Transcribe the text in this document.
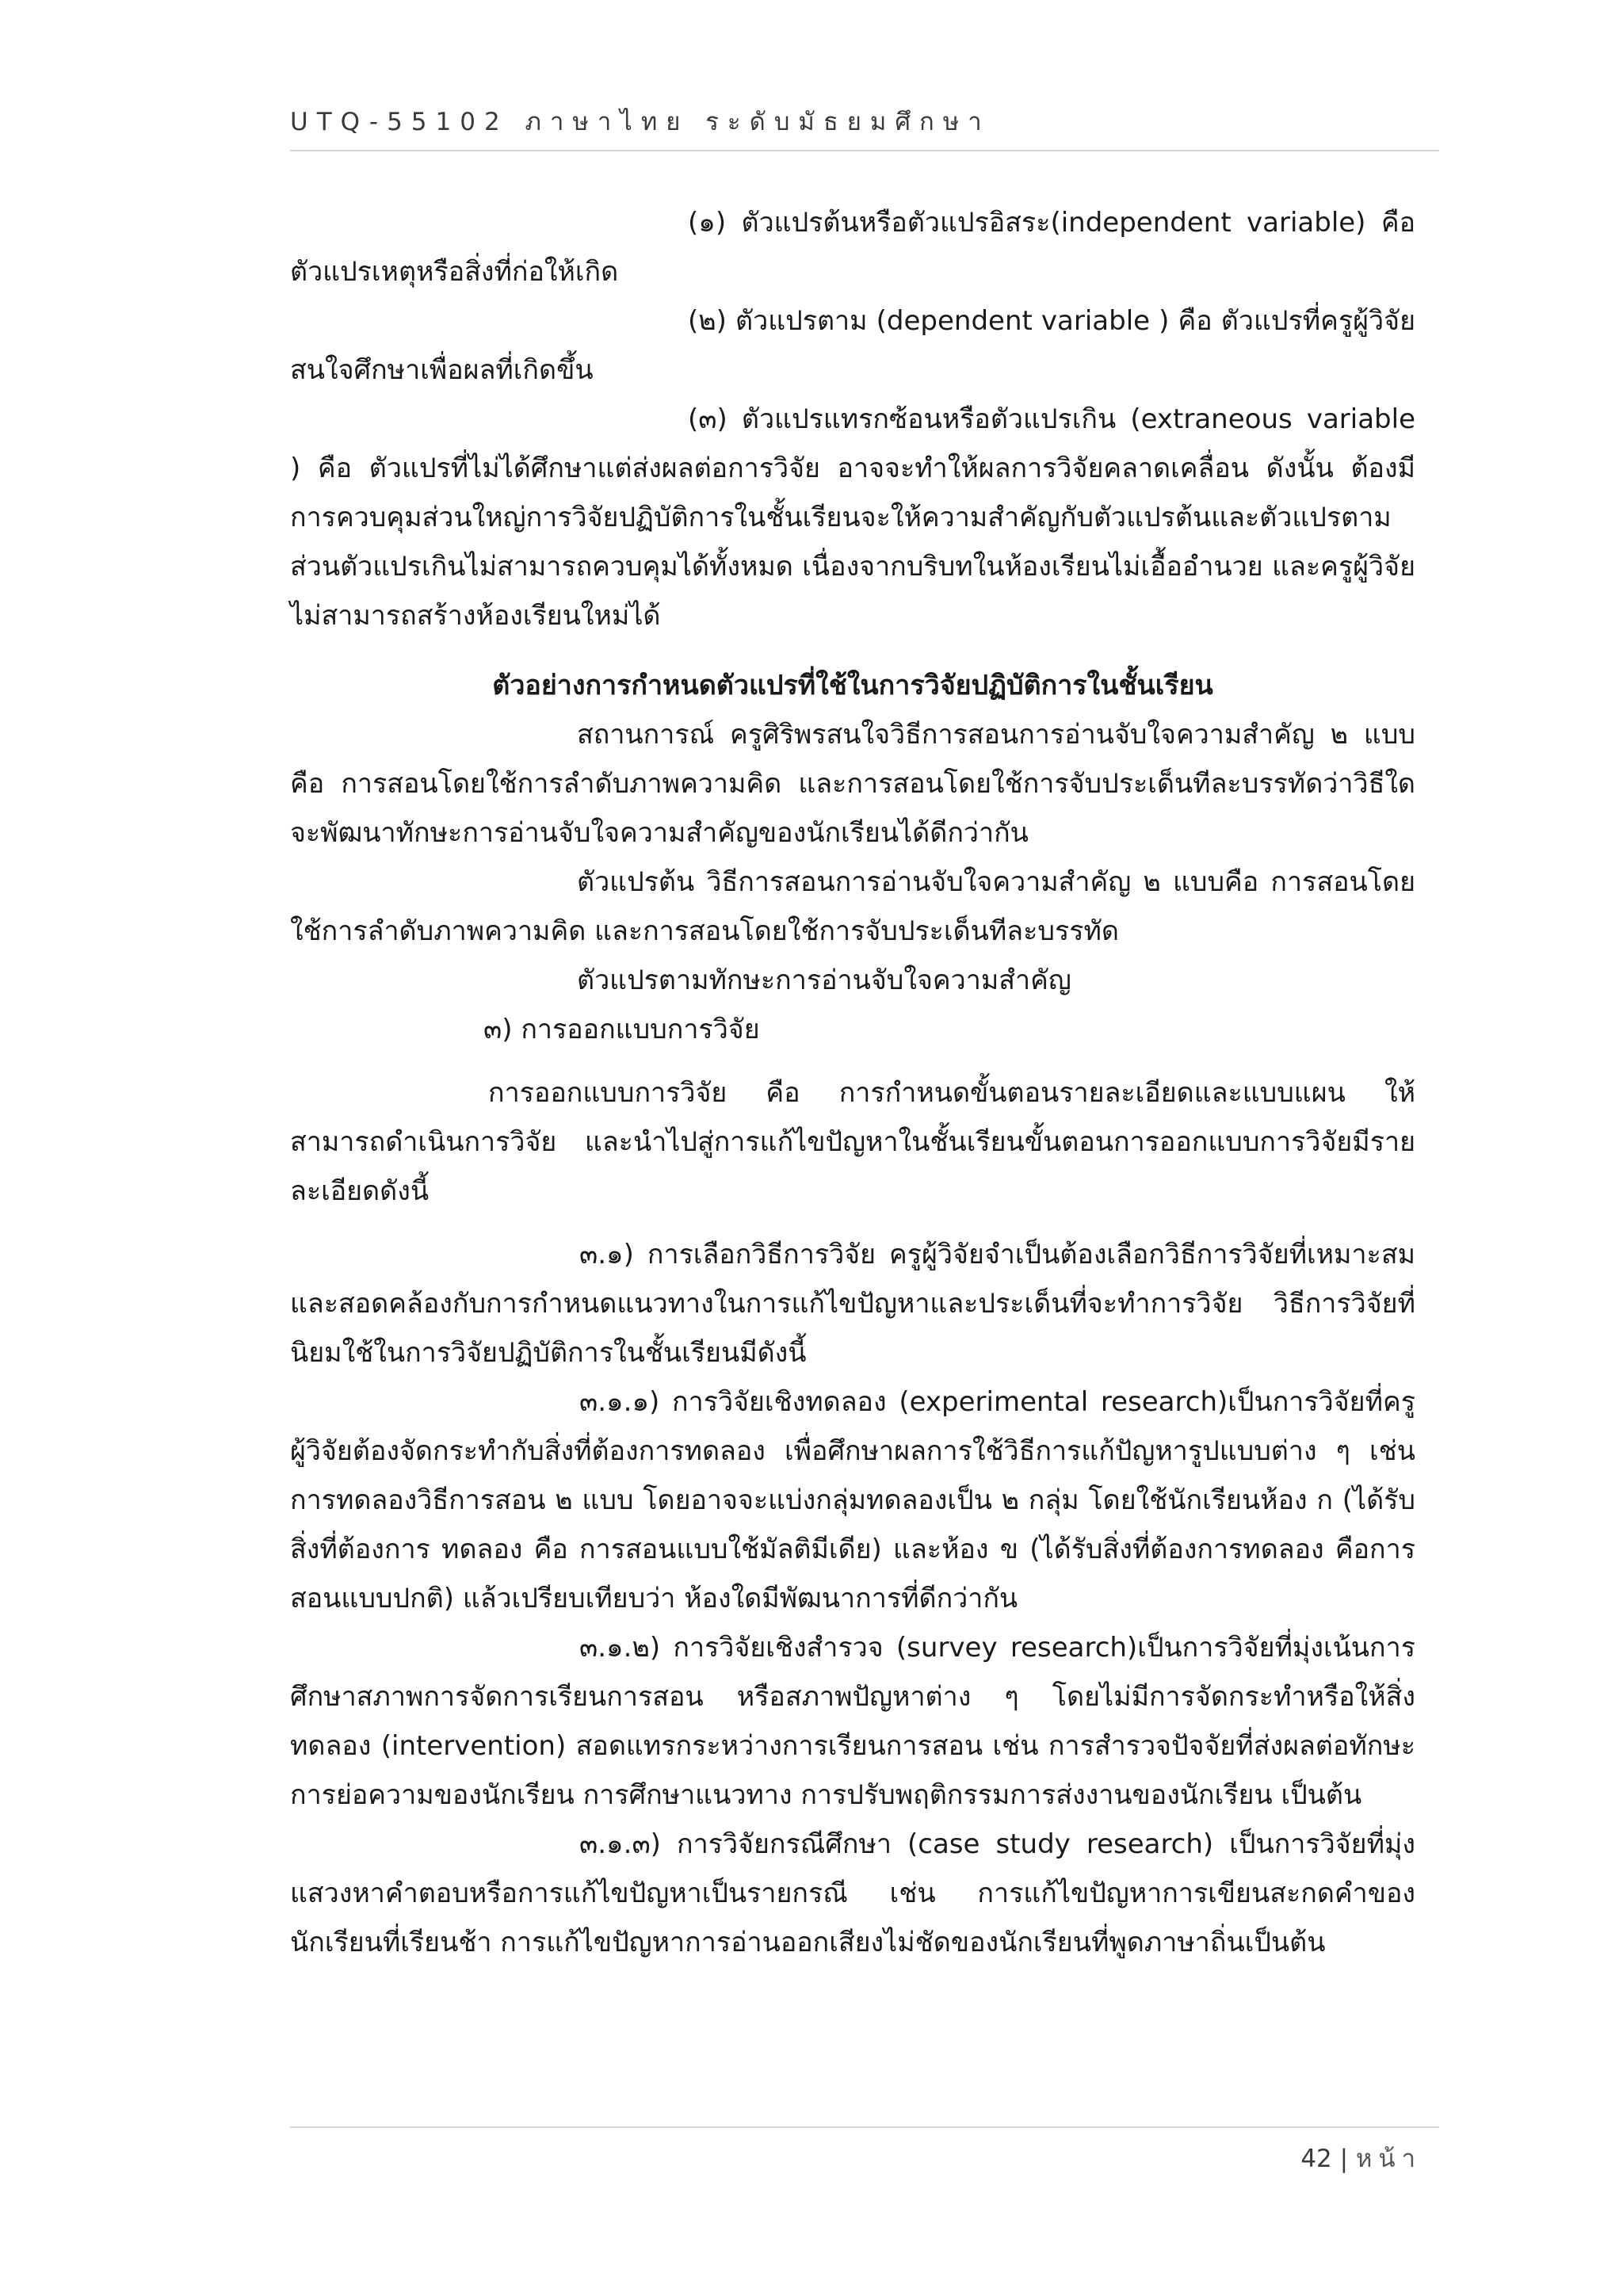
UTQ-55102 ภาษาไทย ระดับมัธยมศึกษา

(๑) ตัวแปรต้นหรือตัวแปรอิสระ(independent variable) คือ ตัวแปรเหตุหรือสิ่งที่ก่อให้เกิด

(๒) ตัวแปรตาม (dependent variable ) คือ ตัวแปรที่ครูผู้วิจัย สนใจศึกษาเพื่อผลที่เกิดขึ้น

(๓) ตัวแปรแทรกซ้อนหรือตัวแปรเกิน (extraneous variable ) คือ ตัวแปรที่ไม่ได้ศึกษาแต่ส่งผลต่อการวิจัย อาจจะทำให้ผลการวิจัยคลาดเคลื่อน ดังนั้น ต้องมีการควบคุมส่วนใหญ่การวิจัยปฏิบัติการในชั้นเรียนจะให้ความสำคัญกับตัวแปรต้นและตัวแปรตาม ส่วนตัวแปรเกินไม่สามารถควบคุมได้ทั้งหมด เนื่องจากบริบทในห้องเรียนไม่เอื้ออำนวย และครูผู้วิจัยไม่สามารถสร้างห้องเรียนใหม่ได้

ตัวอย่างการกำหนดตัวแปรที่ใช้ในการวิจัยปฏิบัติการในชั้นเรียน

สถานการณ์ ครูศิริพรสนใจวิธีการสอนการอ่านจับใจความสำคัญ ๒ แบบ คือ การสอนโดยใช้การลำดับภาพความคิด และการสอนโดยใช้การจับประเด็นทีละบรรทัดว่าวิธีใดจะพัฒนาทักษะการอ่านจับใจความสำคัญของนักเรียนได้ดีกว่ากัน

ตัวแปรต้น วิธีการสอนการอ่านจับใจความสำคัญ ๒ แบบคือ การสอนโดยใช้การลำดับภาพความคิด และการสอนโดยใช้การจับประเด็นทีละบรรทัด

ตัวแปรตามทักษะการอ่านจับใจความสำคัญ

๓) การออกแบบการวิจัย

การออกแบบการวิจัย คือ การกำหนดขั้นตอนรายละเอียดและแบบแผน ให้สามารถดำเนินการวิจัย และนำไปสู่การแก้ไขปัญหาในชั้นเรียนขั้นตอนการออกแบบการวิจัยมีรายละเอียดดังนี้

๓.๑) การเลือกวิธีการวิจัย ครูผู้วิจัยจำเป็นต้องเลือกวิธีการวิจัยที่เหมาะสมและสอดคล้องกับการกำหนดแนวทางในการแก้ไขปัญหาและประเด็นที่จะทำการวิจัย วิธีการวิจัยที่นิยมใช้ในการวิจัยปฏิบัติการในชั้นเรียนมีดังนี้

๓.๑.๑) การวิจัยเชิงทดลอง (experimental research)เป็นการวิจัยที่ครูผู้วิจัยต้องจัดกระทำกับสิ่งที่ต้องการทดลอง เพื่อศึกษาผลการใช้วิธีการแก้ปัญหารูปแบบต่าง ๆ เช่น การทดลองวิธีการสอน ๒ แบบ โดยอาจจะแบ่งกลุ่มทดลองเป็น ๒ กลุ่ม โดยใช้นักเรียนห้อง ก (ได้รับสิ่งที่ต้องการ ทดลอง คือ การสอนแบบใช้มัลติมีเดีย) และห้อง ข (ได้รับสิ่งที่ต้องการทดลอง คือการสอนแบบปกติ) แล้วเปรียบเทียบว่า ห้องใดมีพัฒนาการที่ดีกว่ากัน

๓.๑.๒) การวิจัยเชิงสำรวจ (survey research)เป็นการวิจัยที่มุ่งเน้นการศึกษาสภาพการจัดการเรียนการสอน หรือสภาพปัญหาต่าง ๆ โดยไม่มีการจัดกระทำหรือให้สิ่งทดลอง (intervention) สอดแทรกระหว่างการเรียนการสอน เช่น การสำรวจปัจจัยที่ส่งผลต่อทักษะการย่อความของนักเรียน การศึกษาแนวทาง การปรับพฤติกรรมการส่งงานของนักเรียน เป็นต้น

๓.๑.๓) การวิจัยกรณีศึกษา (case study research) เป็นการวิจัยที่มุ่งแสวงหาคำตอบหรือการแก้ไขปัญหาเป็นรายกรณี เช่น การแก้ไขปัญหาการเขียนสะกดคำของนักเรียนที่เรียนช้า การแก้ไขปัญหาการอ่านออกเสียงไม่ชัดของนักเรียนที่พูดภาษาถิ่นเป็นต้น

42 | หน้า
